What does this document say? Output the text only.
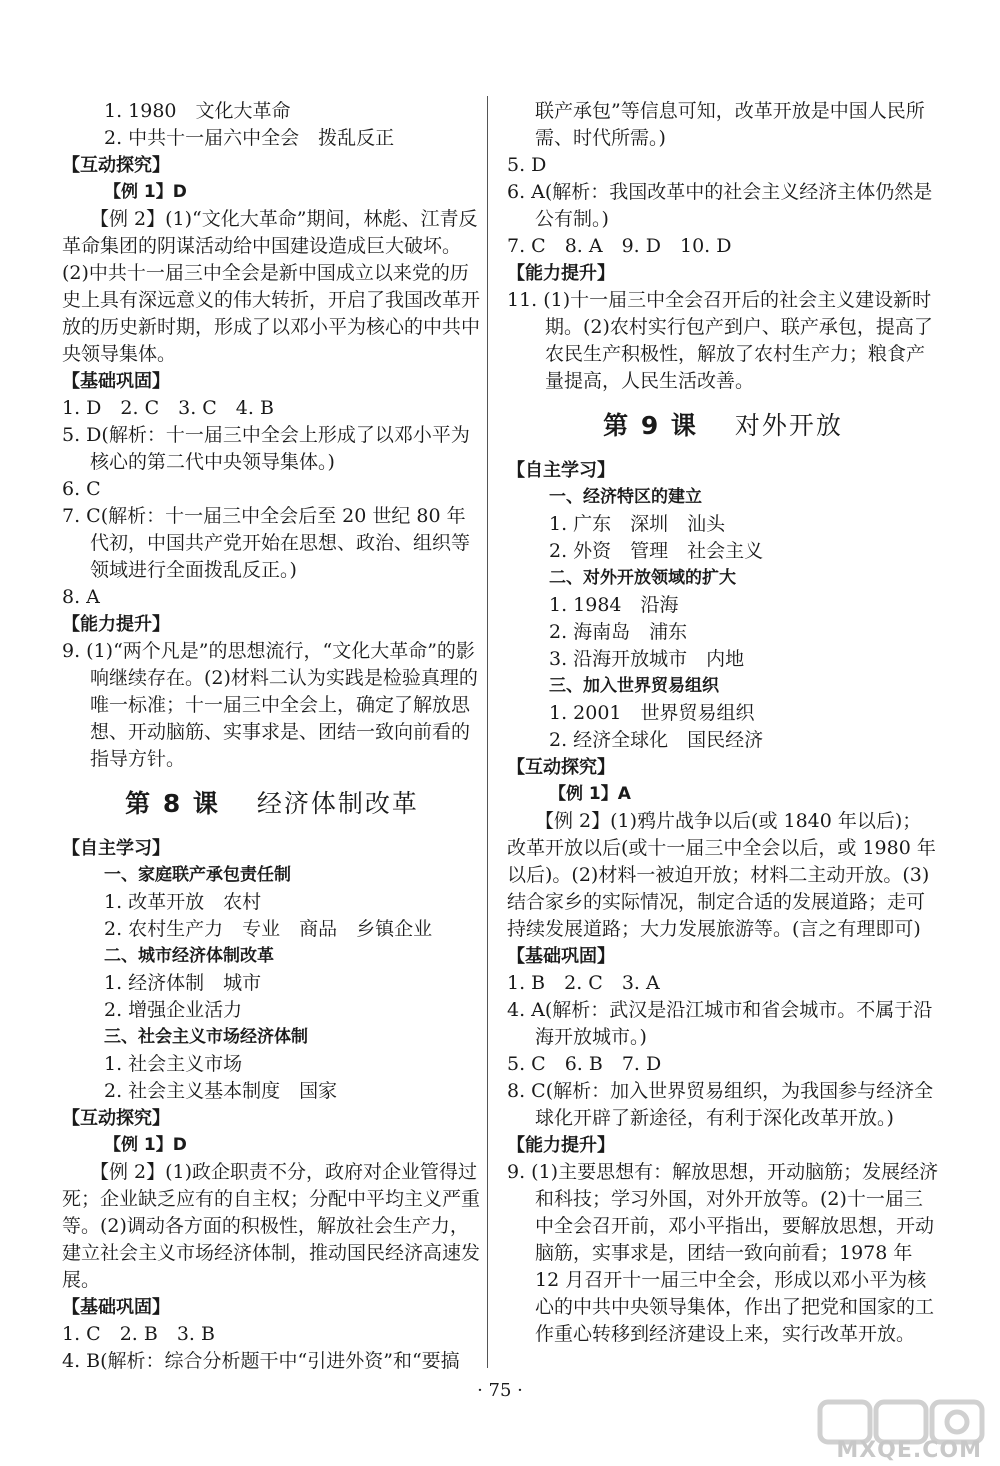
1. 1980　文化大革命

2. 中共十一届六中全会　拨乱反正

【互动探究】

【例 1】D

【例 2】(1)“文化大革命”期间，林彪、江青反革命集团的阴谋活动给中国建设造成巨大破坏。(2)中共十一届三中全会是新中国成立以来党的历史上具有深远意义的伟大转折，开启了我国改革开放的历史新时期，形成了以邓小平为核心的中共中央领导集体。

【基础巩固】

1. D　2. C　3. C　4. B

5. D(解析：十一届三中全会上形成了以邓小平为核心的第二代中央领导集体。)

6. C

7. C(解析：十一届三中全会后至 20 世纪 80 年代初，中国共产党开始在思想、政治、组织等领域进行全面拨乱反正。)

8. A

【能力提升】

9. (1)“两个凡是”的思想流行，“文化大革命”的影响继续存在。(2)材料二认为实践是检验真理的唯一标准；十一届三中全会上，确定了解放思想、开动脑筋、实事求是、团结一致向前看的指导方针。

第 8 课　 经济体制改革

【自主学习】

一、家庭联产承包责任制

1. 改革开放　农村

2. 农村生产力　专业　商品　乡镇企业

二、城市经济体制改革

1. 经济体制　城市

2. 增强企业活力

三、社会主义市场经济体制

1. 社会主义市场

2. 社会主义基本制度　国家

【互动探究】

【例 1】D

【例 2】(1)政企职责不分，政府对企业管得过死；企业缺乏应有的自主权；分配中平均主义严重等。(2)调动各方面的积极性，解放社会生产力，建立社会主义市场经济体制，推动国民经济高速发展。

【基础巩固】

1. C　2. B　3. B

4. B(解析：综合分析题干中“引进外资”和“要搞

联产承包”等信息可知，改革开放是中国人民所需、时代所需。)

5. D

6. A(解析：我国改革中的社会主义经济主体仍然是公有制。)

7. C　8. A　9. D　10. D

【能力提升】

11. (1)十一届三中全会召开后的社会主义建设新时期。(2)农村实行包产到户、联产承包，提高了农民生产积极性，解放了农村生产力；粮食产量提高，人民生活改善。

第 9 课　 对外开放

【自主学习】

一、经济特区的建立

1. 广东　深圳　汕头

2. 外资　管理　社会主义

二、对外开放领域的扩大

1. 1984　沿海

2. 海南岛　浦东

3. 沿海开放城市　内地

三、加入世界贸易组织

1. 2001　世界贸易组织

2. 经济全球化　国民经济

【互动探究】

【例 1】A

【例 2】(1)鸦片战争以后(或 1840 年以后)；改革开放以后(或十一届三中全会以后，或 1980 年以后)。(2)材料一被迫开放；材料二主动开放。(3)结合家乡的实际情况，制定合适的发展道路；走可持续发展道路；大力发展旅游等。(言之有理即可)

【基础巩固】

1. B　2. C　3. A

4. A(解析：武汉是沿江城市和省会城市。不属于沿海开放城市。)

5. C　6. B　7. D

8. C(解析：加入世界贸易组织，为我国参与经济全球化开辟了新途径，有利于深化改革开放。)

【能力提升】

9. (1)主要思想有：解放思想，开动脑筋；发展经济和科技；学习外国，对外开放等。(2)十一届三中全会召开前，邓小平指出，要解放思想，开动脑筋，实事求是，团结一致向前看；1978 年 12 月召开十一届三中全会，形成以邓小平为核心的中共中央领导集体，作出了把党和国家的工作重心转移到经济建设上来，实行改革开放。

· 75 ·
MXQE.COM
